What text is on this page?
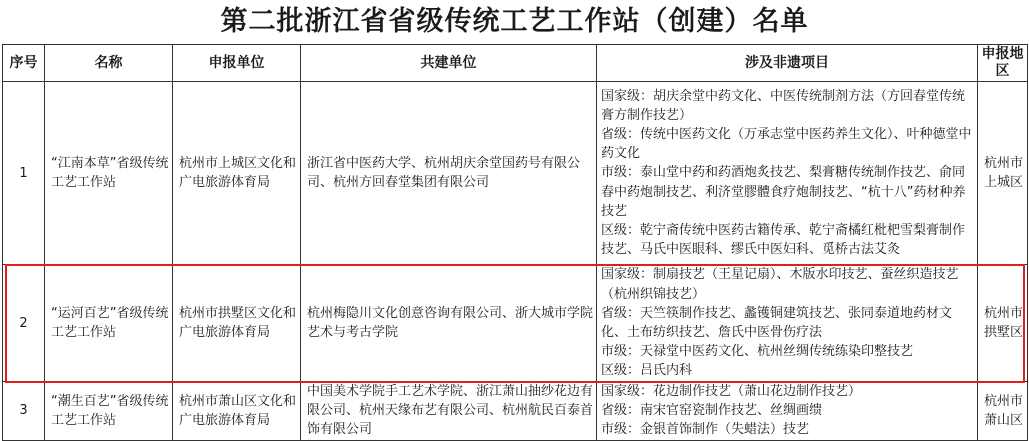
第二批浙江省省级传统工艺工作站（创建）名单
序号	名称	申报单位	共建单位	涉及非遗项目	申报地区
1	“江南本草”省级传统工艺工作站	杭州市上城区文化和广电旅游体育局	浙江省中医药大学、杭州胡庆余堂国药号有限公司、杭州方回春堂集团有限公司	国家级：胡庆余堂中药文化、中医传统制剂方法（方回春堂传统膏方制作技艺）
省级：传统中医药文化（万承志堂中医药养生文化）、叶种德堂中药文化
市级：泰山堂中药和药酒炮炙技艺、梨膏糖传统制作技艺、俞同春中药炮制技艺、利济堂膠體食疗炮制技艺、“杭十八”药材种养技艺
区级：乾宁斋传统中医药古籍传承、乾宁斋橘红枇杷雪梨膏制作技艺、马氏中医眼科、缪氏中医妇科、觅桥古法艾灸	杭州市上城区
2	“运河百艺”省级传统工艺工作站	杭州市拱墅区文化和广电旅游体育局	杭州梅隐川文化创意咨询有限公司、浙大城市学院艺术与考古学院	国家级：制扇技艺（王星记扇）、木版水印技艺、蚕丝织造技艺（杭州织锦技艺）
省级：天竺筷制作技艺、蠡镬铜建筑技艺、张同泰道地药材文化、土布纺织技艺、詹氏中医骨伤疗法
市级：天禄堂中医药文化、杭州丝绸传统练染印整技艺
区级：吕氏内科	杭州市拱墅区
3	“潮生百艺”省级传统工艺工作站	杭州市萧山区文化和广电旅游体育局	中国美术学院手工艺术学院、浙江萧山抽纱花边有限公司、杭州天缘布艺有限公司、杭州航民百泰首饰有限公司	国家级：花边制作技艺（萧山花边制作技艺）
省级：南宋官窑瓷制作技艺、丝绸画缋
市级：金银首饰制作（失蜡法）技艺	杭州市萧山区
